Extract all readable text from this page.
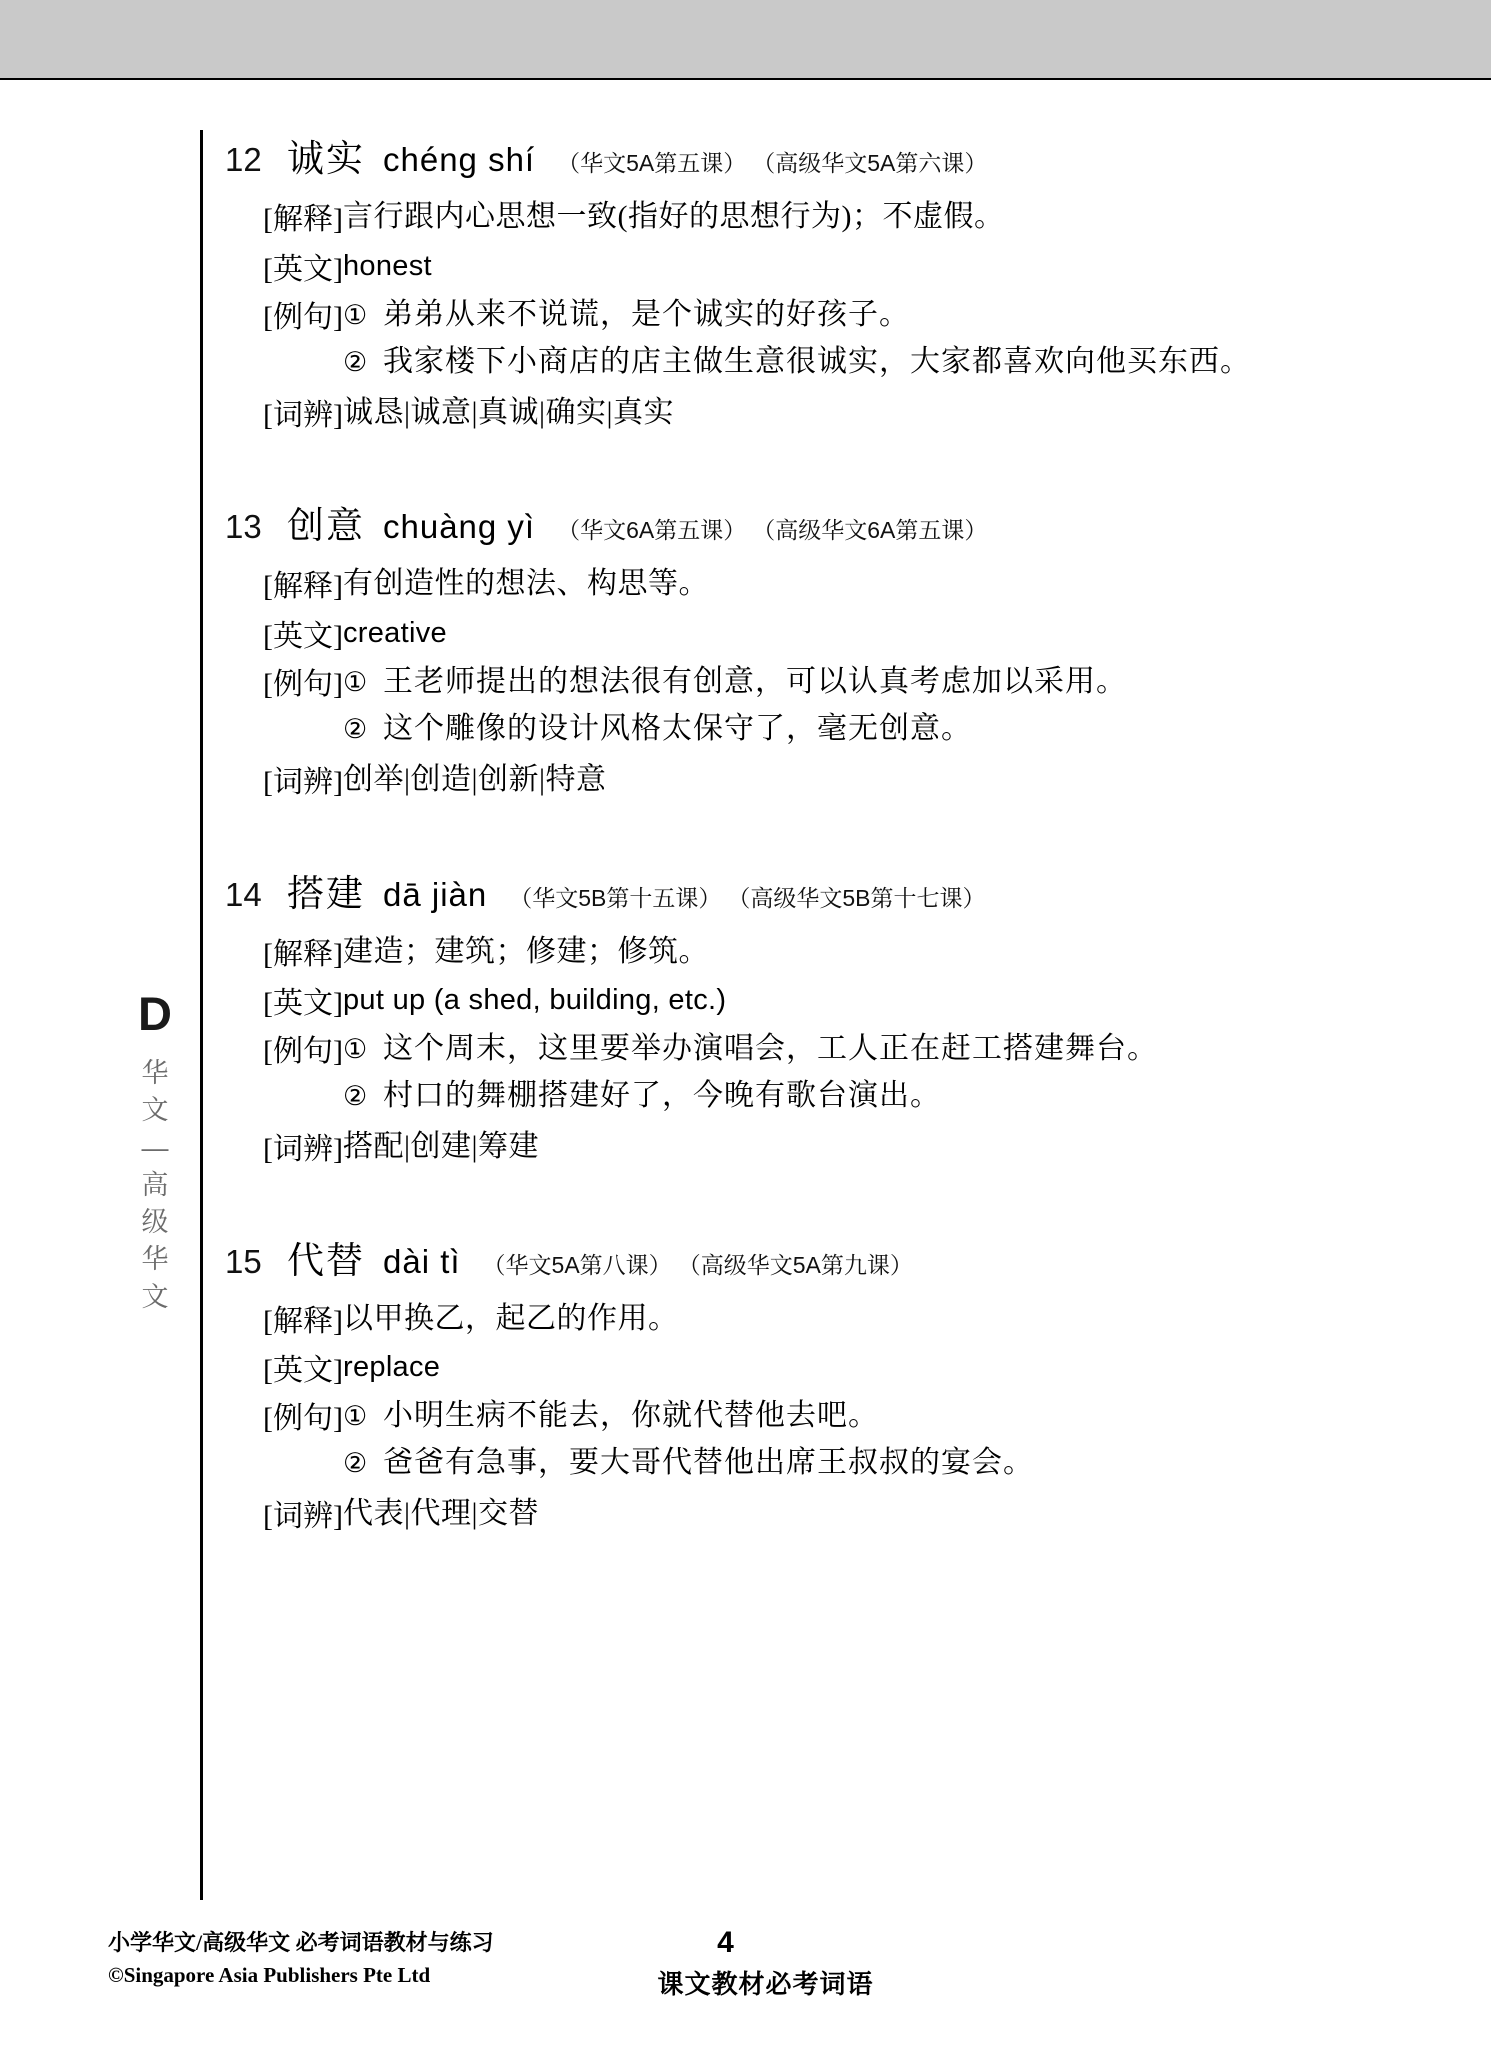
D
华
文
—
高
级
华
文
12 诚实 chéng shí （华文5A第五课） （高级华文5A第六课）
[解释] 言行跟内心思想一致(指好的思想行为)；不虚假。
[英文] honest
[例句] ① 弟弟从来不说谎，是个诚实的好孩子。
② 我家楼下小商店的店主做生意很诚实，大家都喜欢向他买东西。
[词辨] 诚恳|诚意|真诚|确实|真实
13 创意 chuàng yì （华文6A第五课） （高级华文6A第五课）
[解释] 有创造性的想法、构思等。
[英文] creative
[例句] ① 王老师提出的想法很有创意，可以认真考虑加以采用。
② 这个雕像的设计风格太保守了，毫无创意。
[词辨] 创举|创造|创新|特意
14 搭建 dā jiàn （华文5B第十五课） （高级华文5B第十七课）
[解释] 建造；建筑；修建；修筑。
[英文] put up (a shed, building, etc.)
[例句] ① 这个周末，这里要举办演唱会，工人正在赶工搭建舞台。
② 村口的舞棚搭建好了，今晚有歌台演出。
[词辨] 搭配|创建|筹建
15 代替 dài tì （华文5A第八课） （高级华文5A第九课）
[解释] 以甲换乙，起乙的作用。
[英文] replace
[例句] ① 小明生病不能去，你就代替他去吧。
② 爸爸有急事，要大哥代替他出席王叔叔的宴会。
[词辨] 代表|代理|交替
小学华文/高级华文 必考词语教材与练习
©Singapore Asia Publishers Pte Ltd
4
课文教材必考词语
